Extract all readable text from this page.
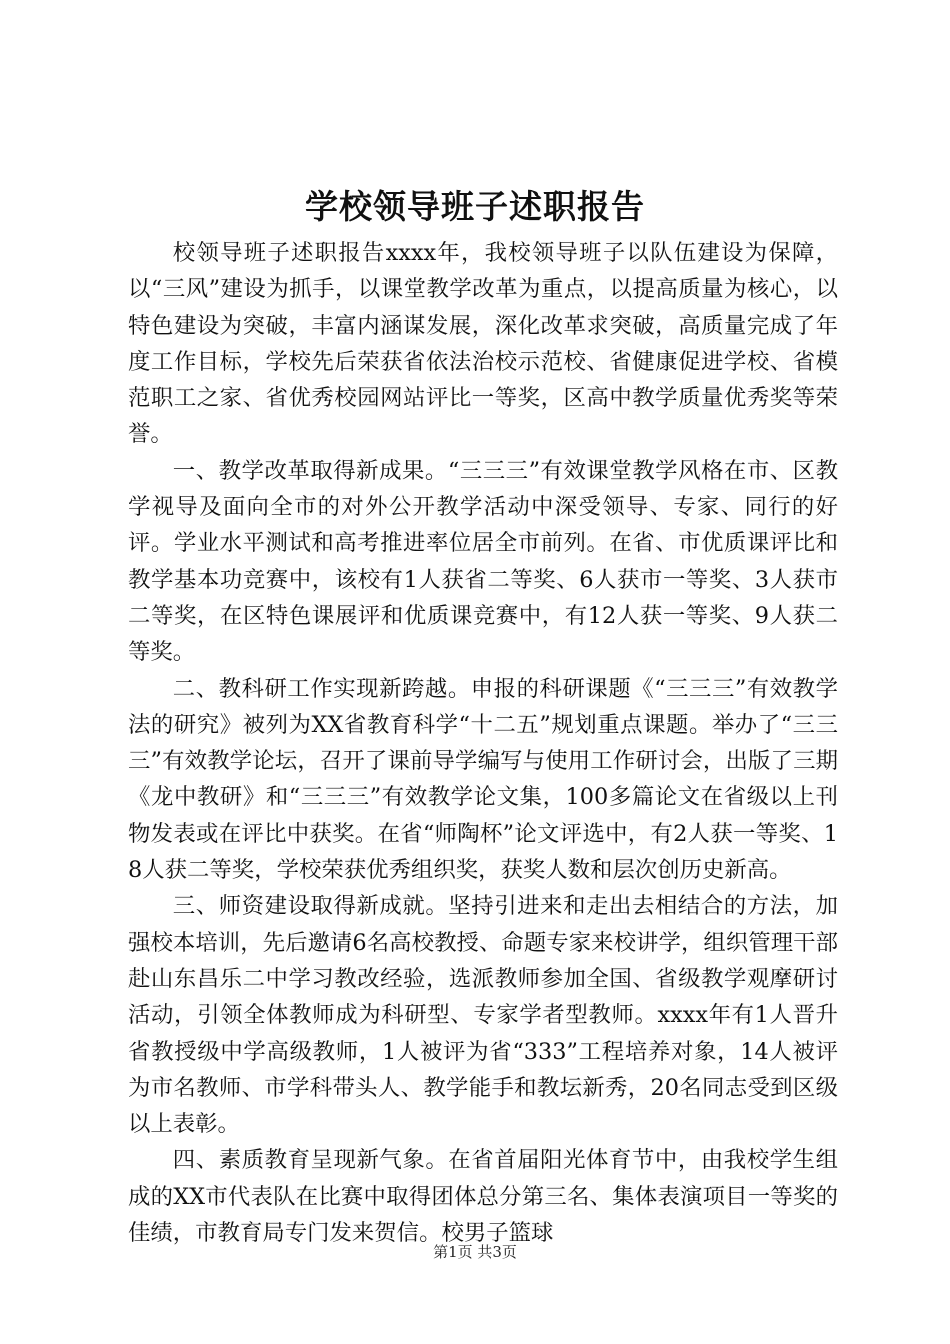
学校领导班子述职报告

校领导班子述职报告xxxx年，我校领导班子以队伍建设为保障，以“三风”建设为抓手，以课堂教学改革为重点，以提高质量为核心，以特色建设为突破，丰富内涵谋发展，深化改革求突破，高质量完成了年度工作目标，学校先后荣获省依法治校示范校、省健康促进学校、省模范职工之家、省优秀校园网站评比一等奖，区高中教学质量优秀奖等荣誉。

一、教学改革取得新成果。“三三三”有效课堂教学风格在市、区教学视导及面向全市的对外公开教学活动中深受领导、专家、同行的好评。学业水平测试和高考推进率位居全市前列。在省、市优质课评比和教学基本功竞赛中，该校有1人获省二等奖、6人获市一等奖、3人获市二等奖，在区特色课展评和优质课竞赛中，有12人获一等奖、9人获二等奖。

二、教科研工作实现新跨越。申报的科研课题《“三三三”有效教学法的研究》被列为XX省教育科学“十二五”规划重点课题。举办了“三三三”有效教学论坛，召开了课前导学编写与使用工作研讨会，出版了三期《龙中教研》和“三三三”有效教学论文集，100多篇论文在省级以上刊物发表或在评比中获奖。在省“师陶杯”论文评选中，有2人获一等奖、18人获二等奖，学校荣获优秀组织奖，获奖人数和层次创历史新高。

三、师资建设取得新成就。坚持引进来和走出去相结合的方法，加强校本培训，先后邀请6名高校教授、命题专家来校讲学，组织管理干部赴山东昌乐二中学习教改经验，选派教师参加全国、省级教学观摩研讨活动，引领全体教师成为科研型、专家学者型教师。xxxx年有1人晋升省教授级中学高级教师，1人被评为省“333”工程培养对象，14人被评为市名教师、市学科带头人、教学能手和教坛新秀，20名同志受到区级以上表彰。

四、素质教育呈现新气象。在省首届阳光体育节中，由我校学生组成的XX市代表队在比赛中取得团体总分第三名、集体表演项目一等奖的佳绩，市教育局专门发来贺信。校男子篮球

第1页 共3页
